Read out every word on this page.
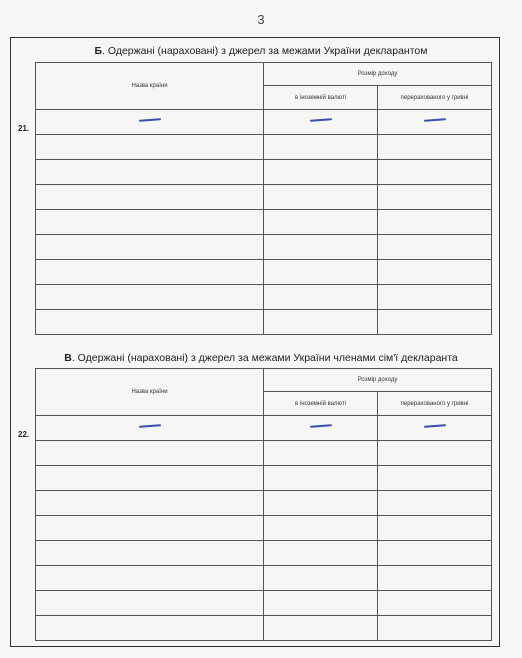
3
Б. Одержані (нараховані) з джерел за межами України декларантом
Назва країни	Розмір доходу	
	в іноземній валюті	перерахованого у гривні

21.
В. Одержані (нараховані) з джерел за межами України членами сім'ї декларанта
Назва країни	Розмір доходу	
	в іноземній валюті	перерахованого у гривні

22.
